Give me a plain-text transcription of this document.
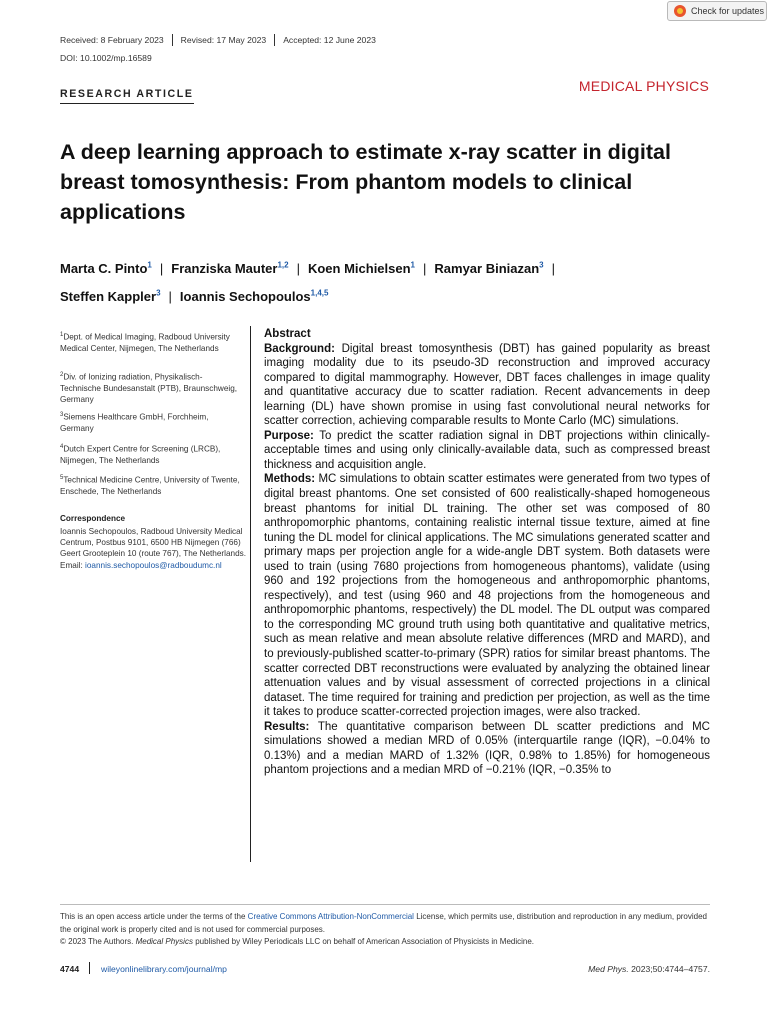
Check for updates
Received: 8 February 2023	Revised: 17 May 2023	Accepted: 12 June 2023
DOI: 10.1002/mp.16589
RESEARCH ARTICLE	MEDICAL PHYSICS
A deep learning approach to estimate x-ray scatter in digital breast tomosynthesis: From phantom models to clinical applications
Marta C. Pinto$^1$ | Franziska Mauter$^{1,2}$ | Koen Michielsen$^1$ | Ramyar Biniazan$^3$ |
Steffen Kappler$^3$ | Ioannis Sechopoulos$^{1,4,5}$
$^1$Dept. of Medical Imaging, Radboud University Medical Center, Nijmegen, The Netherlands
$^2$Div. of Ionizing radiation, Physikalisch-Technische Bundesanstalt (PTB), Braunschweig, Germany
$^3$Siemens Healthcare GmbH, Forchheim, Germany
$^4$Dutch Expert Centre for Screening (LRCB), Nijmegen, The Netherlands
$^5$Technical Medicine Centre, University of Twente, Enschede, The Netherlands
Correspondence
Ioannis Sechopoulos, Radboud University Medical Centrum, Postbus 9101, 6500 HB Nijmegen (766) Geert Grooteplein 10 (route 767), The Netherlands.
Email: ioannis.sechopoulos@radboudumc.nl
Abstract
Background: Digital breast tomosynthesis (DBT) has gained popularity as breast imaging modality due to its pseudo-3D reconstruction and improved accuracy compared to digital mammography. However, DBT faces challenges in image quality and quantitative accuracy due to scatter radiation. Recent advancements in deep learning (DL) have shown promise in using fast convolutional neural networks for scatter correction, achieving comparable results to Monte Carlo (MC) simulations.
Purpose: To predict the scatter radiation signal in DBT projections within clinically-acceptable times and using only clinically-available data, such as compressed breast thickness and acquisition angle.
Methods: MC simulations to obtain scatter estimates were generated from two types of digital breast phantoms. One set consisted of 600 realistically-shaped homogeneous breast phantoms for initial DL training. The other set was composed of 80 anthropomorphic phantoms, containing realistic internal tissue texture, aimed at fine tuning the DL model for clinical applications. The MC simulations generated scatter and primary maps per projection angle for a wide-angle DBT system. Both datasets were used to train (using 7680 projections from homogeneous phantoms), validate (using 960 and 192 projections from the homogeneous and anthropomorphic phantoms, respectively), and test (using 960 and 48 projections from the homogeneous and anthropomorphic phantoms, respectively) the DL model. The DL output was compared to the corresponding MC ground truth using both quantitative and qualitative metrics, such as mean relative and mean absolute relative differences (MRD and MARD), and to previously-published scatter-to-primary (SPR) ratios for similar breast phantoms. The scatter corrected DBT reconstructions were evaluated by analyzing the obtained linear attenuation values and by visual assessment of corrected projections in a clinical dataset. The time required for training and prediction per projection, as well as the time it takes to produce scatter-corrected projection images, were also tracked.
Results: The quantitative comparison between DL scatter predictions and MC simulations showed a median MRD of 0.05% (interquartile range (IQR), −0.04% to 0.13%) and a median MARD of 1.32% (IQR, 0.98% to 1.85%) for homogeneous phantom projections and a median MRD of −0.21% (IQR, −0.35% to
This is an open access article under the terms of the Creative Commons Attribution-NonCommercial License, which permits use, distribution and reproduction in any medium, provided the original work is properly cited and is not used for commercial purposes.
© 2023 The Authors. Medical Physics published by Wiley Periodicals LLC on behalf of American Association of Physicists in Medicine.
4744	wileyonlinelibrary.com/journal/mp	Med Phys. 2023;50:4744–4757.
